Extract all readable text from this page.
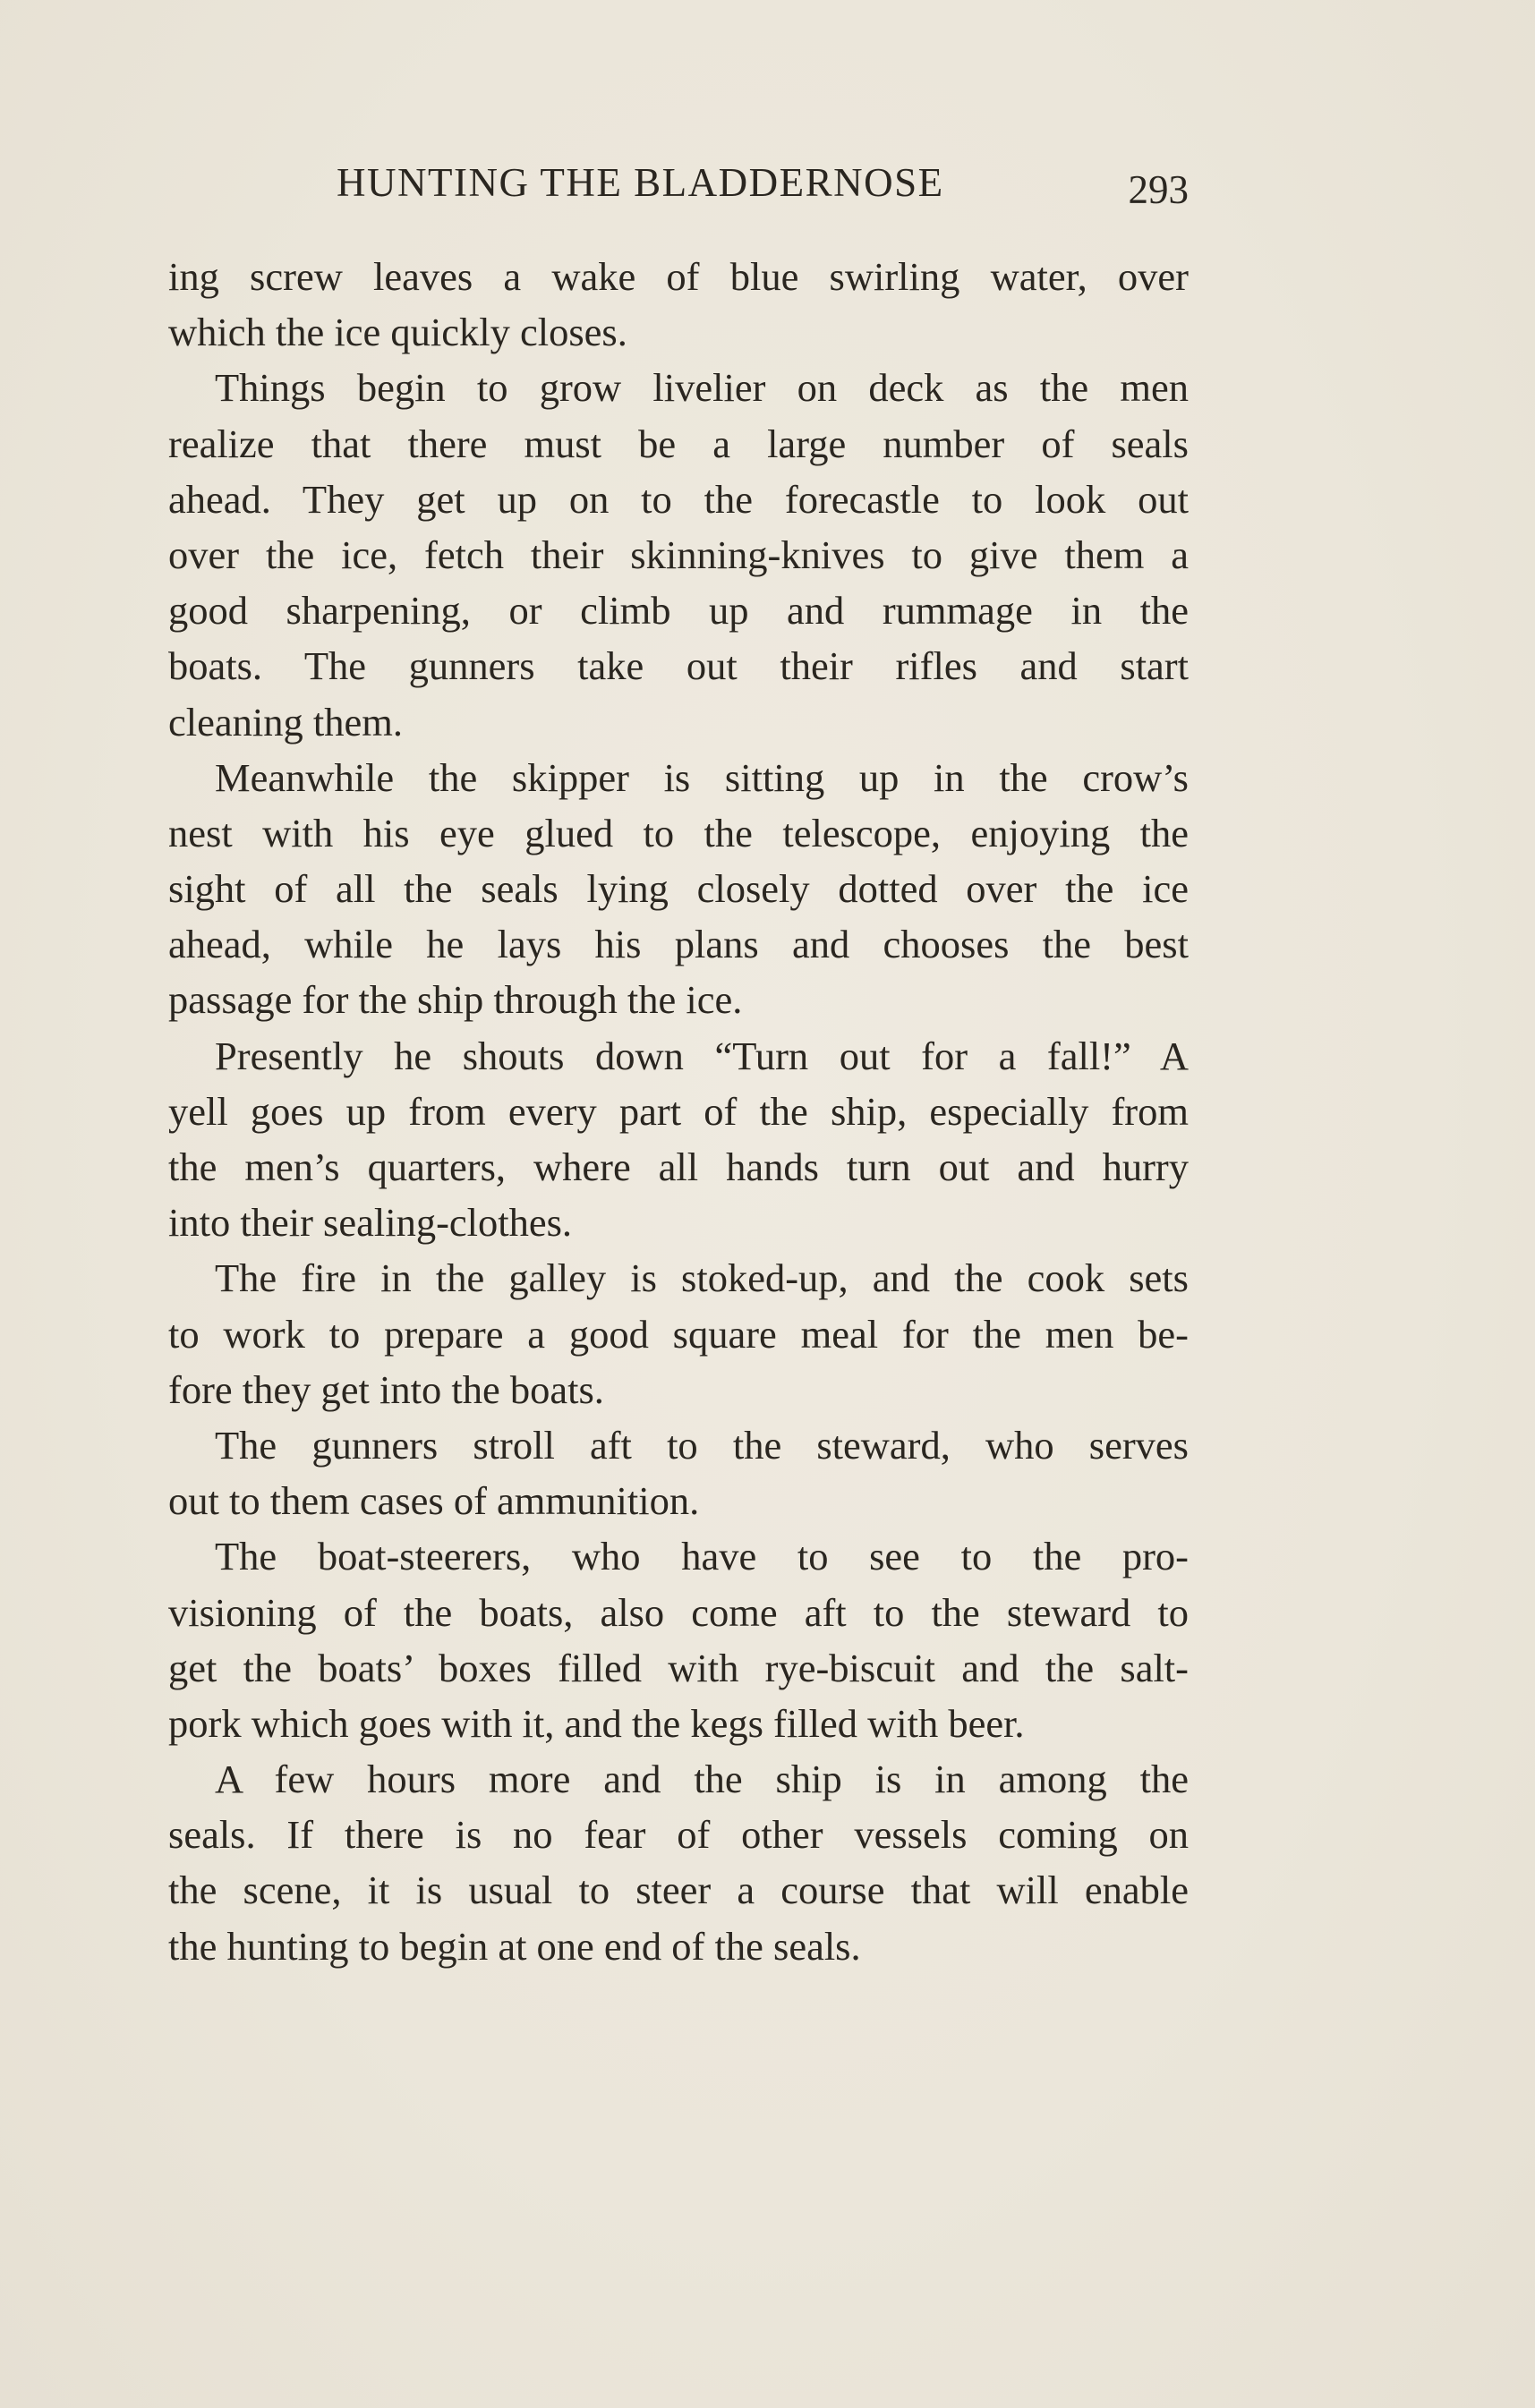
HUNTING THE BLADDERNOSE	293
ing screw leaves a wake of blue swirling water, over
which the ice quickly closes.
Things begin to grow livelier on deck as the men
realize that there must be a large number of seals
ahead. They get up on to the forecastle to look out
over the ice, fetch their skinning-knives to give them a
good sharpening, or climb up and rummage in the
boats. The gunners take out their rifles and start
cleaning them.
Meanwhile the skipper is sitting up in the crow’s
nest with his eye glued to the telescope, enjoying the
sight of all the seals lying closely dotted over the ice
ahead, while he lays his plans and chooses the best
passage for the ship through the ice.
Presently he shouts down “Turn out for a fall!” A
yell goes up from every part of the ship, especially from
the men’s quarters, where all hands turn out and hurry
into their sealing-clothes.
The fire in the galley is stoked-up, and the cook sets
to work to prepare a good square meal for the men be-
fore they get into the boats.
The gunners stroll aft to the steward, who serves
out to them cases of ammunition.
The boat-steerers, who have to see to the pro-
visioning of the boats, also come aft to the steward to
get the boats’ boxes filled with rye-biscuit and the salt-
pork which goes with it, and the kegs filled with beer.
A few hours more and the ship is in among the
seals. If there is no fear of other vessels coming on
the scene, it is usual to steer a course that will enable
the hunting to begin at one end of the seals.
